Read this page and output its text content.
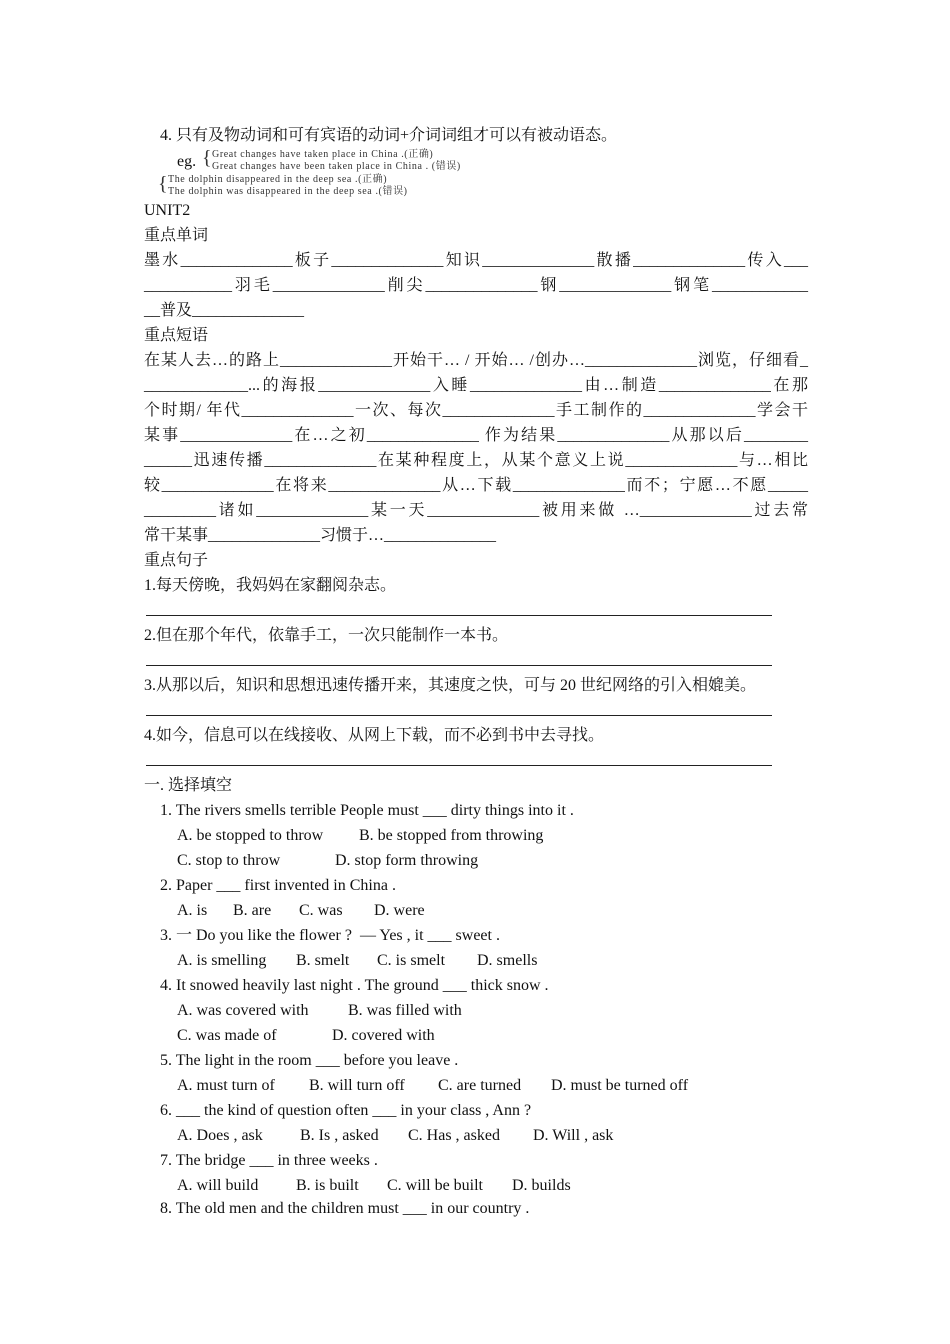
4. 只有及物动词和可有宾语的动词+介词词组才可以有被动语态。
eg. { Great changes have taken place in China .(正确)
Great changes have been taken place in China . (错误)
{ The dolphin disappeared in the deep sea .(正确)
The dolphin was disappeared in the deep sea .(错误)
UNIT2
重点单词
墨水______________板子______________知识______________散播______________传入___
___________羽毛______________削尖______________钢______________钢笔____________
__普及______________
重点短语
在某人去…的路上______________开始干… / 开始… /创办…______________浏览，仔细看_
_____________...的海报______________入睡______________由…制造______________在那
个时期/ 年代______________一次、每次______________手工制作的______________学会干
某事______________在…之初______________ 作为结果______________从那以后________
______迅速传播______________在某种程度上，从某个意义上说______________与…相比
较______________在将来______________从…下载______________而不；宁愿…不愿_____
_________诸如______________某一天______________被用来做 …______________过去常
常干某事______________习惯于…______________
重点句子
1.每天傍晚，我妈妈在家翻阅杂志。
2.但在那个年代，依靠手工，一次只能制作一本书。
3.从那以后，知识和思想迅速传播开来，其速度之快，可与 20 世纪网络的引入相媲美。
4.如今，信息可以在线接收、从网上下载，而不必到书中去寻找。
一. 选择填空
1. The rivers smells terrible People must ___ dirty things into it .
A. be stopped to throw B. be stopped from throwing
C. stop to throw	D. stop form throwing
2. Paper ___ first invented in China .
A. is B. are C. was D. were
3. 一 Do you like the flower ?  — Yes , it ___ sweet .
A. is smelling B. smelt C. is smelt D. smells
4. It snowed heavily last night . The ground ___ thick snow .
A. was covered with B. was filled with
C. was made of	D. covered with
5. The light in the room ___ before you leave .
A. must turn of B. will turn off C. are turned D. must be turned off
6. ___ the kind of question often ___ in your class , Ann ?
A. Does , ask B. Is , asked C. Has , asked D. Will , ask
7. The bridge ___ in three weeks .
A. will build B. is built C. will be built D. builds
8. The old men and the children must ___ in our country .
